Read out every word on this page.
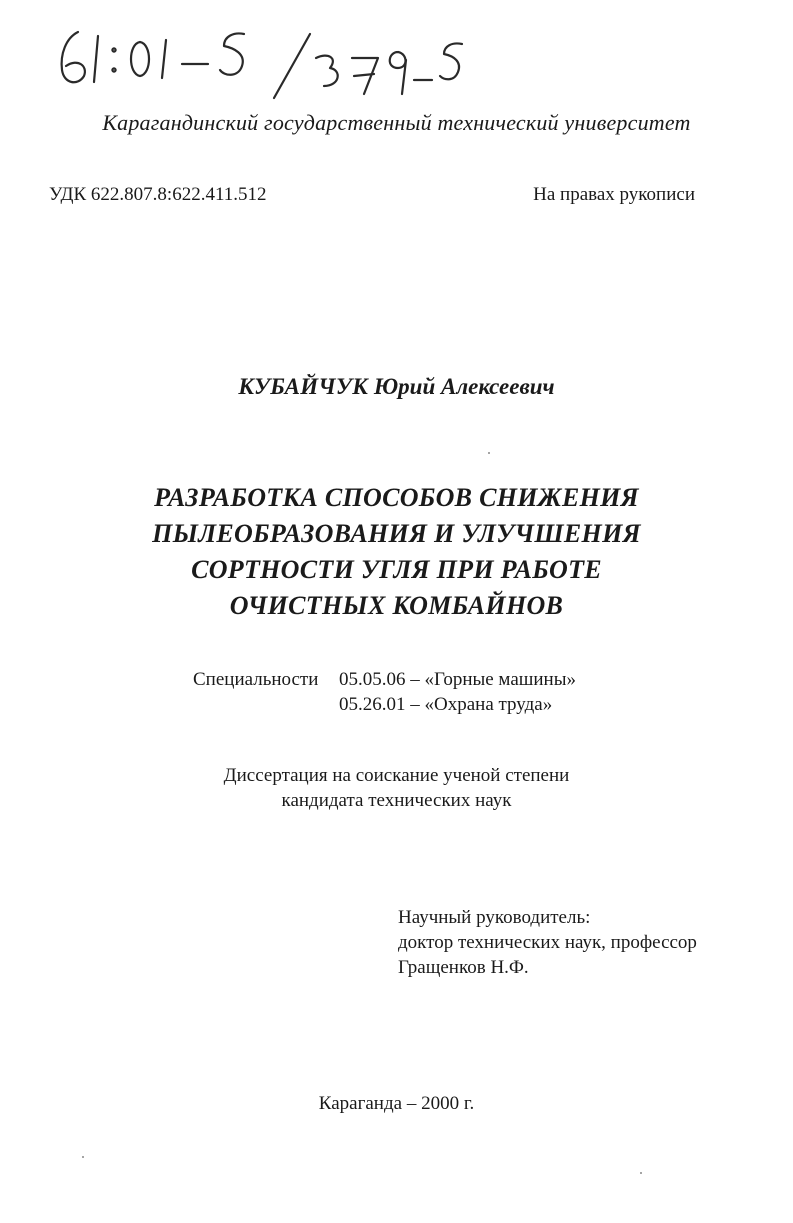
Карагандинский государственный технический университет
УДК 622.807.8:622.411.512	На правах рукописи
КУБАЙЧУК Юрий Алексеевич
РАЗРАБОТКА СПОСОБОВ СНИЖЕНИЯ
ПЫЛЕОБРАЗОВАНИЯ И УЛУЧШЕНИЯ
СОРТНОСТИ УГЛЯ ПРИ РАБОТЕ
ОЧИСТНЫХ КОМБАЙНОВ
Специальности	05.05.06 – «Горные машины»
05.26.01 – «Охрана труда»
Диссертация на соискание ученой степени
кандидата технических наук
Научный руководитель:
доктор технических наук, профессор
Гращенков Н.Ф.
Караганда – 2000 г.
